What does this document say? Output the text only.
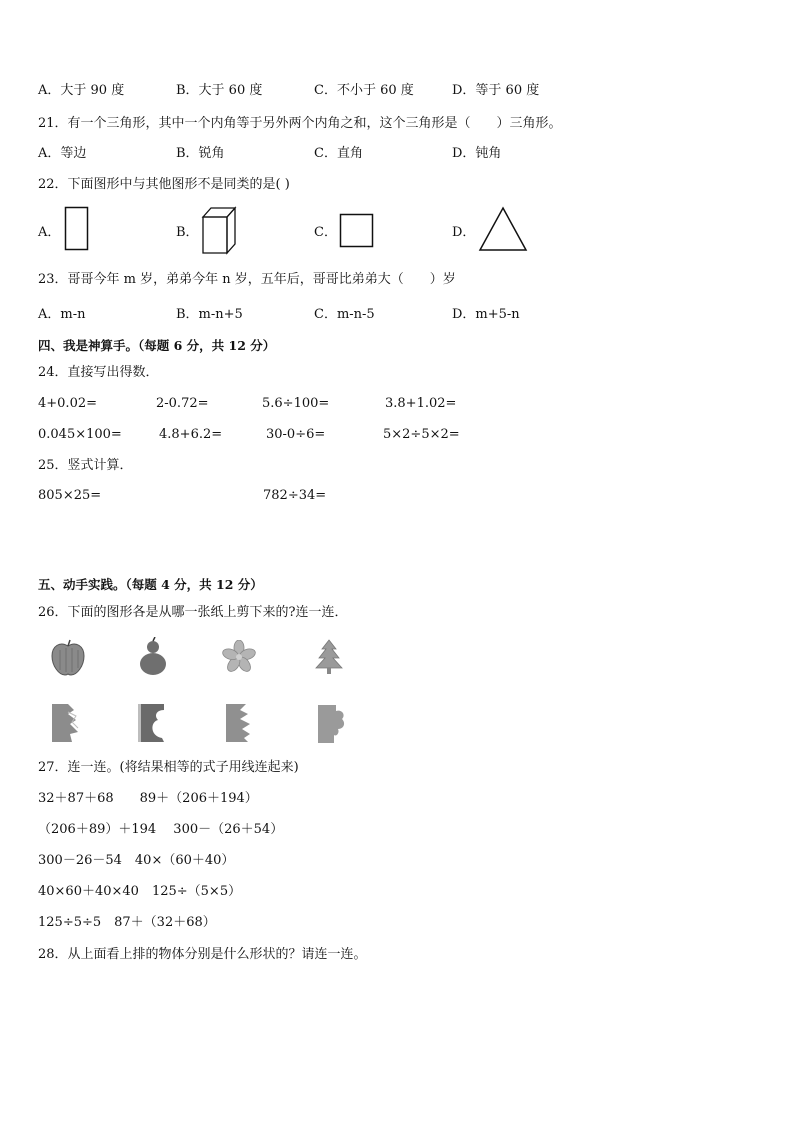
A．大于 90 度	B．大于 60 度	C．不小于 60 度	D．等于 60 度
21．有一个三角形，其中一个内角等于另外两个内角之和，这个三角形是（　　）三角形。
A．等边	B．锐角	C．直角	D．钝角
22．下面图形中与其他图形不是同类的是( )
A．	B．	C．	D．
23．哥哥今年 m 岁，弟弟今年 n 岁，五年后，哥哥比弟弟大（　　）岁
A．m-n	B．m-n+5	C．m-n-5	D．m+5-n
四、我是神算手。（每题 6 分，共 12 分）
24．直接写出得数．
4+0.02=	2-0.72=	5.6÷100=	3.8+1.02=
0.045×100=	4.8+6.2=	30-0÷6=	5×2÷5×2=
25．竖式计算．
805×25=	782÷34=
五、动手实践。（每题 4 分，共 12 分）
26．下面的图形各是从哪一张纸上剪下来的?连一连．
27．连一连。(将结果相等的式子用线连起来)
32＋87＋68　　89＋（206＋194）
（206＋89）＋194　 300－（26＋54）
300－26－54　40×（60＋40）
40×60＋40×40　125÷（5×5）
125÷5÷5　87＋（32＋68）
28．从上面看上排的物体分别是什么形状的？请连一连。
